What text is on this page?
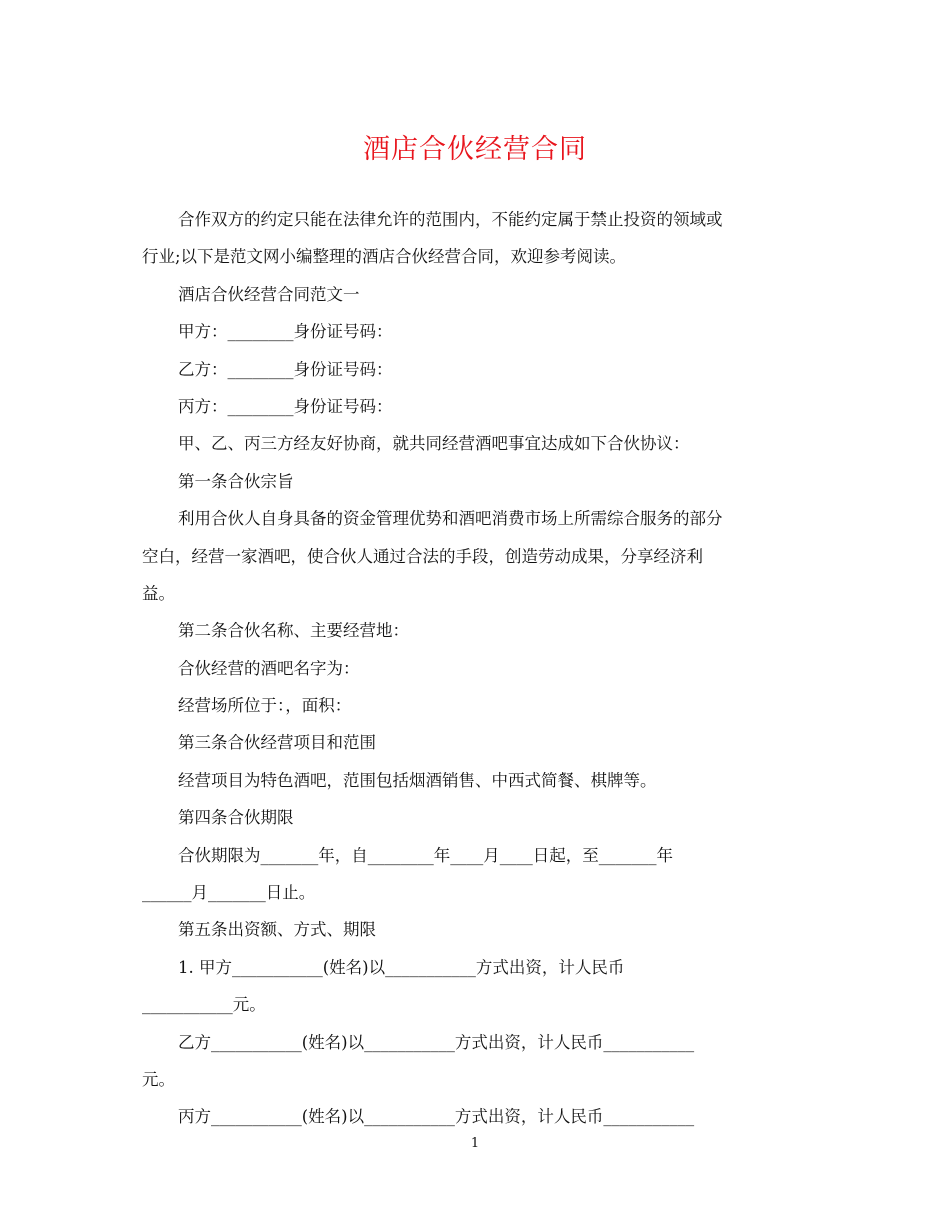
酒店合伙经营合同
合作双方的约定只能在法律允许的范围内，不能约定属于禁止投资的领域或
行业;以下是范文网小编整理的酒店合伙经营合同，欢迎参考阅读。
酒店合伙经营合同范文一
甲方：________身份证号码：
乙方：________身份证号码：
丙方：________身份证号码：
甲、乙、丙三方经友好协商，就共同经营酒吧事宜达成如下合伙协议：
第一条合伙宗旨
利用合伙人自身具备的资金管理优势和酒吧消费市场上所需综合服务的部分
空白，经营一家酒吧，使合伙人通过合法的手段，创造劳动成果，分享经济利
益。
第二条合伙名称、主要经营地：
合伙经营的酒吧名字为：
经营场所位于：，面积：
第三条合伙经营项目和范围
经营项目为特色酒吧，范围包括烟酒销售、中西式简餐、棋牌等。
第四条合伙期限
合伙期限为_______年，自________年____月____日起，至_______年
______月_______日止。
第五条出资额、方式、期限
1. 甲方___________(姓名)以___________方式出资，计人民币
___________元。
乙方___________(姓名)以___________方式出资，计人民币___________
元。
丙方___________(姓名)以___________方式出资，计人民币___________
1
